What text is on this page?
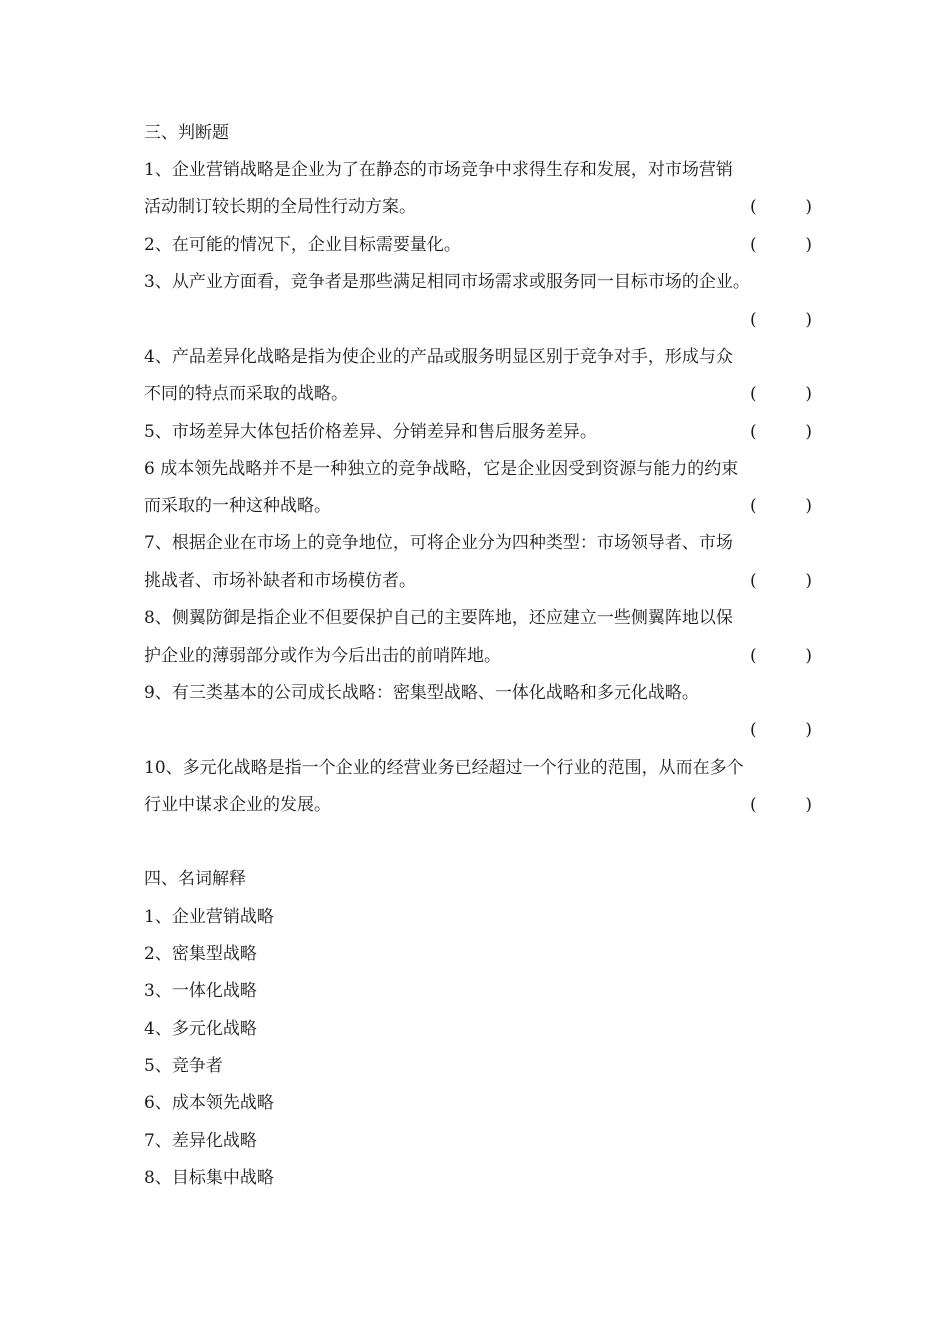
三、判断题
1、企业营销战略是企业为了在静态的市场竞争中求得生存和发展，对市场营销
活动制订较长期的全局性行动方案。	(	)
2、在可能的情况下，企业目标需要量化。	(	)
3、从产业方面看，竞争者是那些满足相同市场需求或服务同一目标市场的企业。
(	)
4、产品差异化战略是指为使企业的产品或服务明显区别于竞争对手，形成与众
不同的特点而采取的战略。	(	)
5、市场差异大体包括价格差异、分销差异和售后服务差异。	(	)
6 成本领先战略并不是一种独立的竞争战略，它是企业因受到资源与能力的约束
而采取的一种这种战略。	(	)
7、根据企业在市场上的竞争地位，可将企业分为四种类型：市场领导者、市场
挑战者、市场补缺者和市场模仿者。	(	)
8、侧翼防御是指企业不但要保护自己的主要阵地，还应建立一些侧翼阵地以保
护企业的薄弱部分或作为今后出击的前哨阵地。	(	)
9、有三类基本的公司成长战略：密集型战略、一体化战略和多元化战略。
(	)
10、多元化战略是指一个企业的经营业务已经超过一个行业的范围，从而在多个
行业中谋求企业的发展。	(	)
四、名词解释
1、企业营销战略
2、密集型战略
3、一体化战略
4、多元化战略
5、竞争者
6、成本领先战略
7、差异化战略
8、目标集中战略
